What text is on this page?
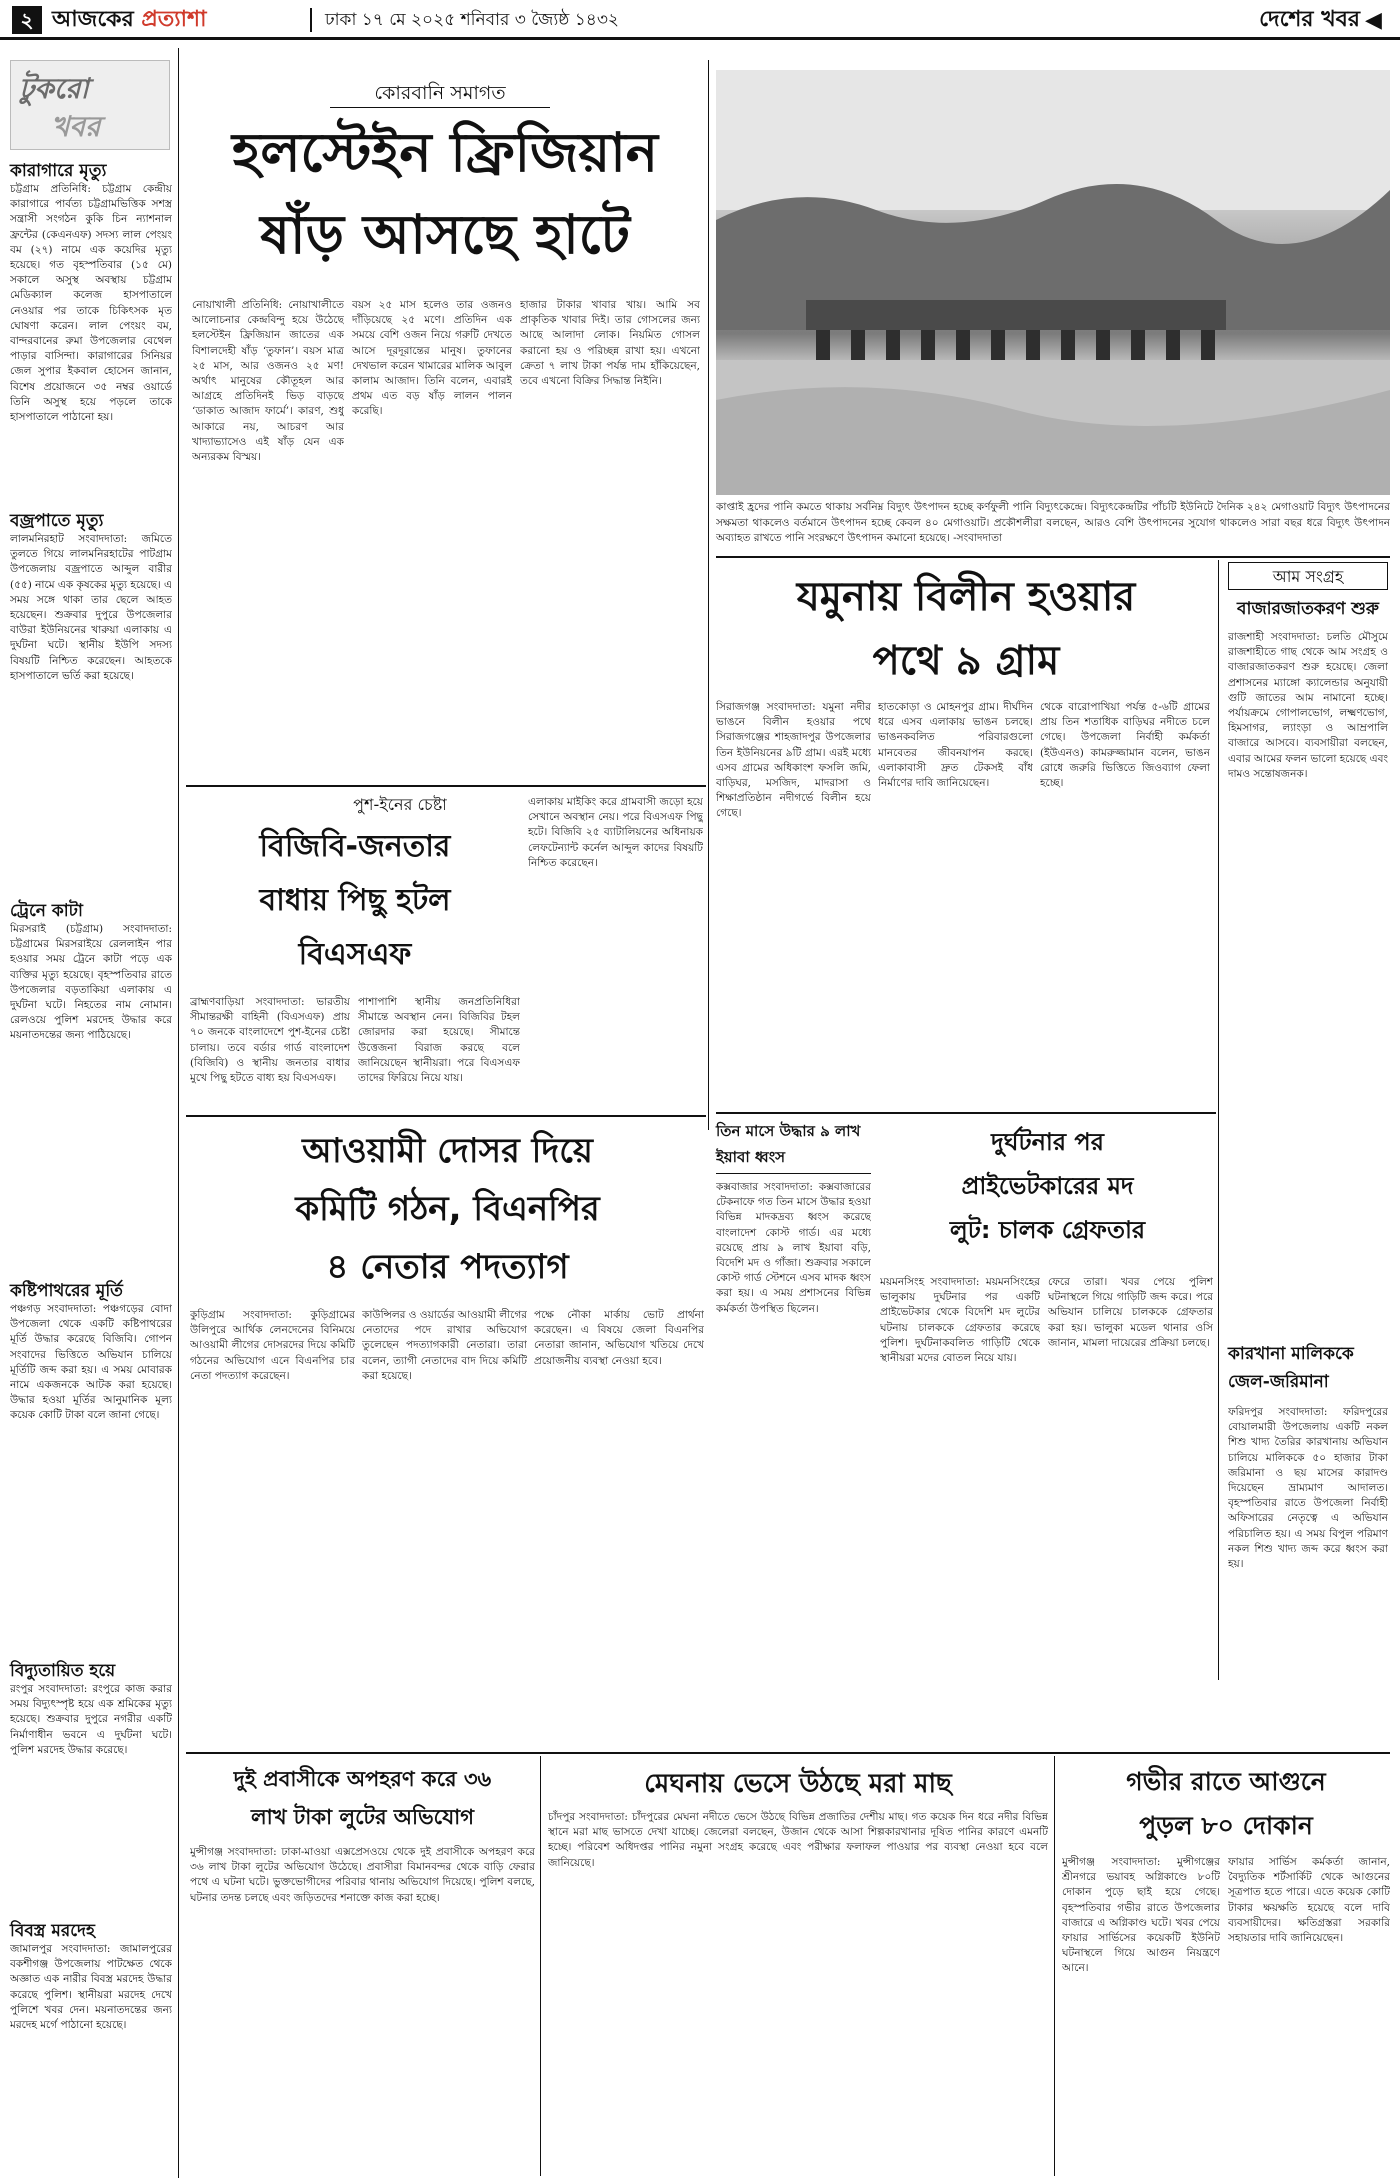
২ আজকের প্রত্যাশা	ঢাকা ১৭ মে ২০২৫ শনিবার ৩ জ্যৈষ্ঠ ১৪৩২	দেশের খবর ◀
টুকরো
খবর
কারাগারে মৃত্যু
চট্টগ্রাম প্রতিনিধি: চট্টগ্রাম কেন্দ্রীয় কারাগারে পার্বত্য চট্টগ্রামভিত্তিক সশস্ত্র সন্ত্রাসী সংগঠন কুকি চিন ন্যাশনাল ফ্রন্টের (কেএনএফ) সদস্য লাল পেংয়ং বম (২৭) নামে এক কয়েদির মৃত্যু হয়েছে। গত বৃহস্পতিবার (১৫ মে) সকালে অসুস্থ অবস্থায় চট্টগ্রাম মেডিক্যাল কলেজ হাসপাতালে নেওয়ার পর তাকে চিকিৎসক মৃত ঘোষণা করেন। লাল পেংয়ং বম, বান্দরবানের রুমা উপজেলার বেথেল পাড়ার বাসিন্দা। কারাগারের সিনিয়র জেল সুপার ইকবাল হোসেন জানান, বিশেষ প্রয়োজনে ৩৫ নম্বর ওয়ার্ডে তিনি অসুস্থ হয়ে পড়লে তাকে হাসপাতালে পাঠানো হয়।
বজ্রপাতে মৃত্যু
লালমনিরহাট সংবাদদাতা: জমিতে তুলতে গিয়ে লালমনিরহাটের পাটগ্রাম উপজেলায় বজ্রপাতে আব্দুল বারীর (৫৫) নামে এক কৃষকের মৃত্যু হয়েছে। এ সময় সঙ্গে থাকা তার ছেলে আহত হয়েছেন। শুক্রবার দুপুরে উপজেলার বাউরা ইউনিয়নের খারুয়া এলাকায় এ দুর্ঘটনা ঘটে। স্থানীয় ইউপি সদস্য বিষয়টি নিশ্চিত করেছেন। আহতকে হাসপাতালে ভর্তি করা হয়েছে।
ট্রেনে কাটা
মিরসরাই (চট্টগ্রাম) সংবাদদাতা: চট্টগ্রামের মিরসরাইয়ে রেললাইন পার হওয়ার সময় ট্রেনে কাটা পড়ে এক ব্যক্তির মৃত্যু হয়েছে। বৃহস্পতিবার রাতে উপজেলার বড়তাকিয়া এলাকায় এ দুর্ঘটনা ঘটে। নিহতের নাম নোমান। রেলওয়ে পুলিশ মরদেহ উদ্ধার করে ময়নাতদন্তের জন্য পাঠিয়েছে।
কষ্টিপাথরের মূর্তি
পঞ্চগড় সংবাদদাতা: পঞ্চগড়ের বোদা উপজেলা থেকে একটি কষ্টিপাথরের মূর্তি উদ্ধার করেছে বিজিবি। গোপন সংবাদের ভিত্তিতে অভিযান চালিয়ে মূর্তিটি জব্দ করা হয়। এ সময় মোবারক নামে একজনকে আটক করা হয়েছে। উদ্ধার হওয়া মূর্তির আনুমানিক মূল্য কয়েক কোটি টাকা বলে জানা গেছে।
বিদ্যুতায়িত হয়ে
রংপুর সংবাদদাতা: রংপুরে কাজ করার সময় বিদ্যুৎস্পৃষ্ট হয়ে এক শ্রমিকের মৃত্যু হয়েছে। শুক্রবার দুপুরে নগরীর একটি নির্মাণাধীন ভবনে এ দুর্ঘটনা ঘটে। পুলিশ মরদেহ উদ্ধার করেছে।
বিবস্ত্র মরদেহ
জামালপুর সংবাদদাতা: জামালপুরের বকশীগঞ্জ উপজেলায় পাটক্ষেত থেকে অজ্ঞাত এক নারীর বিবস্ত্র মরদেহ উদ্ধার করেছে পুলিশ। স্থানীয়রা মরদেহ দেখে পুলিশে খবর দেন। ময়নাতদন্তের জন্য মরদেহ মর্গে পাঠানো হয়েছে।
কোরবানি সমাগত
হলস্টেইন ফ্রিজিয়ান
ষাঁড় আসছে হাটে
নোয়াখালী প্রতিনিধি: নোয়াখালীতে আলোচনার কেন্দ্রবিন্দু হয়ে উঠেছে হলস্টেইন ফ্রিজিয়ান জাতের এক বিশালদেহী ষাঁড় ‘তুফান’। বয়স মাত্র ২৫ মাস, আর ওজনও ২৫ মণ! অর্থাৎ মানুষের কৌতূহল আর আগ্রহে প্রতিদিনই ভিড় বাড়ছে ‘ডাকাত আজাদ ফার্মে’। কারণ, শুধু আকারে নয়, আচরণ আর খাদ্যাভ্যাসেও এই ষাঁড় যেন এক অন্যরকম বিস্ময়।
বয়স ২৫ মাস হলেও তার ওজনও দাঁড়িয়েছে ২৫ মণে। প্রতিদিন এক সময়ে বেশি ওজন নিয়ে গরুটি দেখতে আসে দূরদূরান্তের মানুষ। তুফানের দেখভাল করেন খামারের মালিক আবুল কালাম আজাদ। তিনি বলেন, এবারই প্রথম এত বড় ষাঁড় লালন পালন করেছি।
হাজার টাকার খাবার খায়। আমি সব প্রাকৃতিক খাবার দিই। তার গোসলের জন্য আছে আলাদা লোক। নিয়মিত গোসল করানো হয় ও পরিচ্ছন্ন রাখা হয়। এখনো ক্রেতা ৭ লাখ টাকা পর্যন্ত দাম হাঁকিয়েছেন, তবে এখনো বিক্রির সিদ্ধান্ত নিইনি।
কাপ্তাই হ্রদের পানি কমতে থাকায় সর্বনিম্ন বিদ্যুৎ উৎপাদন হচ্ছে কর্ণফুলী পানি বিদ্যুৎকেন্দ্রে। বিদ্যুৎকেন্দ্রটির পাঁচটি ইউনিটে দৈনিক ২৪২ মেগাওয়াট বিদ্যুৎ উৎপাদনের সক্ষমতা থাকলেও বর্তমানে উৎপাদন হচ্ছে কেবল ৪০ মেগাওয়াট। প্রকৌশলীরা বলছেন, আরও বেশি উৎপাদনের সুযোগ থাকলেও সারা বছর ধরে বিদ্যুৎ উৎপাদন অব্যাহত রাখতে পানি সংরক্ষণে উৎপাদন কমানো হয়েছে। -সংবাদদাতা
যমুনায় বিলীন হওয়ার
পথে ৯ গ্রাম
সিরাজগঞ্জ সংবাদদাতা: যমুনা নদীর ভাঙনে বিলীন হওয়ার পথে সিরাজগঞ্জের শাহজাদপুর উপজেলার তিন ইউনিয়নের ৯টি গ্রাম। এরই মধ্যে এসব গ্রামের অধিকাংশ ফসলি জমি, বাড়িঘর, মসজিদ, মাদরাসা ও শিক্ষাপ্রতিষ্ঠান নদীগর্ভে বিলীন হয়ে গেছে।
হাতকোড়া ও মোহনপুর গ্রাম। দীর্ঘদিন ধরে এসব এলাকায় ভাঙন চলছে। ভাঙনকবলিত পরিবারগুলো মানবেতর জীবনযাপন করছে। এলাকাবাসী দ্রুত টেকসই বাঁধ নির্মাণের দাবি জানিয়েছেন।
থেকে বারোপাখিয়া পর্যন্ত ৫-৬টি গ্রামের প্রায় তিন শতাধিক বাড়িঘর নদীতে চলে গেছে। উপজেলা নির্বাহী কর্মকর্তা (ইউএনও) কামরুজ্জামান বলেন, ভাঙন রোধে জরুরি ভিত্তিতে জিওব্যাগ ফেলা হচ্ছে।
আম সংগ্রহ
বাজারজাতকরণ শুরু
রাজশাহী সংবাদদাতা: চলতি মৌসুমে রাজশাহীতে গাছ থেকে আম সংগ্রহ ও বাজারজাতকরণ শুরু হয়েছে। জেলা প্রশাসনের ম্যাঙ্গো ক্যালেন্ডার অনুযায়ী গুটি জাতের আম নামানো হচ্ছে। পর্যায়ক্রমে গোপালভোগ, লক্ষ্মণভোগ, হিমসাগর, ল্যাংড়া ও আম্রপালি বাজারে আসবে। ব্যবসায়ীরা বলছেন, এবার আমের ফলন ভালো হয়েছে এবং দামও সন্তোষজনক।
কারখানা মালিককে জেল-জরিমানা
ফরিদপুর সংবাদদাতা: ফরিদপুরের বোয়ালমারী উপজেলায় একটি নকল শিশু খাদ্য তৈরির কারখানায় অভিযান চালিয়ে মালিককে ৫০ হাজার টাকা জরিমানা ও ছয় মাসের কারাদণ্ড দিয়েছেন ভ্রাম্যমাণ আদালত। বৃহস্পতিবার রাতে উপজেলা নির্বাহী অফিসারের নেতৃত্বে এ অভিযান পরিচালিত হয়। এ সময় বিপুল পরিমাণ নকল শিশু খাদ্য জব্দ করে ধ্বংস করা হয়।
পুশ-ইনের চেষ্টা
বিজিবি-জনতার
বাধায় পিছু হটল
বিএসএফ
এলাকায় মাইকিং করে গ্রামবাসী জড়ো হয়ে সেখানে অবস্থান নেয়। পরে বিএসএফ পিছু হটে। বিজিবি ২৫ ব্যাটালিয়নের অধিনায়ক লেফটেন্যান্ট কর্নেল আব্দুল কাদের বিষয়টি নিশ্চিত করেছেন।
ব্রাহ্মণবাড়িয়া সংবাদদাতা: ভারতীয় সীমান্তরক্ষী বাহিনী (বিএসএফ) প্রায় ৭০ জনকে বাংলাদেশে পুশ-ইনের চেষ্টা চালায়। তবে বর্ডার গার্ড বাংলাদেশ (বিজিবি) ও স্থানীয় জনতার বাধার মুখে পিছু হটতে বাধ্য হয় বিএসএফ।
পাশাপাশি স্থানীয় জনপ্রতিনিধিরা সীমান্তে অবস্থান নেন। বিজিবির টহল জোরদার করা হয়েছে। সীমান্তে উত্তেজনা বিরাজ করছে বলে জানিয়েছেন স্থানীয়রা। পরে বিএসএফ তাদের ফিরিয়ে নিয়ে যায়।
তিন মাসে উদ্ধার ৯ লাখ ইয়াবা ধ্বংস
কক্সবাজার সংবাদদাতা: কক্সবাজারের টেকনাফে গত তিন মাসে উদ্ধার হওয়া বিভিন্ন মাদকদ্রব্য ধ্বংস করেছে বাংলাদেশ কোস্ট গার্ড। এর মধ্যে রয়েছে প্রায় ৯ লাখ ইয়াবা বড়ি, বিদেশি মদ ও গাঁজা। শুক্রবার সকালে কোস্ট গার্ড স্টেশনে এসব মাদক ধ্বংস করা হয়। এ সময় প্রশাসনের বিভিন্ন কর্মকর্তা উপস্থিত ছিলেন।
দুর্ঘটনার পর
প্রাইভেটকারের মদ
লুট: চালক গ্রেফতার
ময়মনসিংহ সংবাদদাতা: ময়মনসিংহের ভালুকায় দুর্ঘটনার পর একটি প্রাইভেটকার থেকে বিদেশি মদ লুটের ঘটনায় চালককে গ্রেফতার করেছে পুলিশ। দুর্ঘটনাকবলিত গাড়িটি থেকে স্থানীয়রা মদের বোতল নিয়ে যায়।
ফেরে তারা। খবর পেয়ে পুলিশ ঘটনাস্থলে গিয়ে গাড়িটি জব্দ করে। পরে অভিযান চালিয়ে চালককে গ্রেফতার করা হয়। ভালুকা মডেল থানার ওসি জানান, মামলা দায়েরের প্রক্রিয়া চলছে।
আওয়ামী দোসর দিয়ে
কমিটি গঠন, বিএনপির
৪ নেতার পদত্যাগ
কুড়িগ্রাম সংবাদদাতা: কুড়িগ্রামের উলিপুরে আর্থিক লেনদেনের বিনিময়ে আওয়ামী লীগের দোসরদের দিয়ে কমিটি গঠনের অভিযোগ এনে বিএনপির চার নেতা পদত্যাগ করেছেন।
কাউন্সিলর ও ওয়ার্ডের আওয়ামী লীগের নেতাদের পদে রাখার অভিযোগ তুলেছেন পদত্যাগকারী নেতারা। তারা বলেন, ত্যাগী নেতাদের বাদ দিয়ে কমিটি করা হয়েছে।
পক্ষে নৌকা মার্কায় ভোট প্রার্থনা করেছেন। এ বিষয়ে জেলা বিএনপির নেতারা জানান, অভিযোগ খতিয়ে দেখে প্রয়োজনীয় ব্যবস্থা নেওয়া হবে।
দুই প্রবাসীকে অপহরণ করে ৩৬
লাখ টাকা লুটের অভিযোগ
মুন্সীগঞ্জ সংবাদদাতা: ঢাকা-মাওয়া এক্সপ্রেসওয়ে থেকে দুই প্রবাসীকে অপহরণ করে ৩৬ লাখ টাকা লুটের অভিযোগ উঠেছে। প্রবাসীরা বিমানবন্দর থেকে বাড়ি ফেরার পথে এ ঘটনা ঘটে। ভুক্তভোগীদের পরিবার থানায় অভিযোগ দিয়েছে। পুলিশ বলছে, ঘটনার তদন্ত চলছে এবং জড়িতদের শনাক্তে কাজ করা হচ্ছে।
মেঘনায় ভেসে উঠছে মরা মাছ
চাঁদপুর সংবাদদাতা: চাঁদপুরের মেঘনা নদীতে ভেসে উঠছে বিভিন্ন প্রজাতির দেশীয় মাছ। গত কয়েক দিন ধরে নদীর বিভিন্ন স্থানে মরা মাছ ভাসতে দেখা যাচ্ছে। জেলেরা বলছেন, উজান থেকে আসা শিল্পকারখানার দূষিত পানির কারণে এমনটি হচ্ছে। পরিবেশ অধিদপ্তর পানির নমুনা সংগ্রহ করেছে এবং পরীক্ষার ফলাফল পাওয়ার পর ব্যবস্থা নেওয়া হবে বলে জানিয়েছে।
গভীর রাতে আগুনে
পুড়ল ৮০ দোকান
মুন্সীগঞ্জ সংবাদদাতা: মুন্সীগঞ্জের শ্রীনগরে ভয়াবহ অগ্নিকাণ্ডে ৮০টি দোকান পুড়ে ছাই হয়ে গেছে। বৃহস্পতিবার গভীর রাতে উপজেলার বাজারে এ অগ্নিকাণ্ড ঘটে। খবর পেয়ে ফায়ার সার্ভিসের কয়েকটি ইউনিট ঘটনাস্থলে গিয়ে আগুন নিয়ন্ত্রণে আনে।
ফায়ার সার্ভিস কর্মকর্তা জানান, বৈদ্যুতিক শর্টসার্কিট থেকে আগুনের সূত্রপাত হতে পারে। এতে কয়েক কোটি টাকার ক্ষয়ক্ষতি হয়েছে বলে দাবি ব্যবসায়ীদের। ক্ষতিগ্রস্তরা সরকারি সহায়তার দাবি জানিয়েছেন।
